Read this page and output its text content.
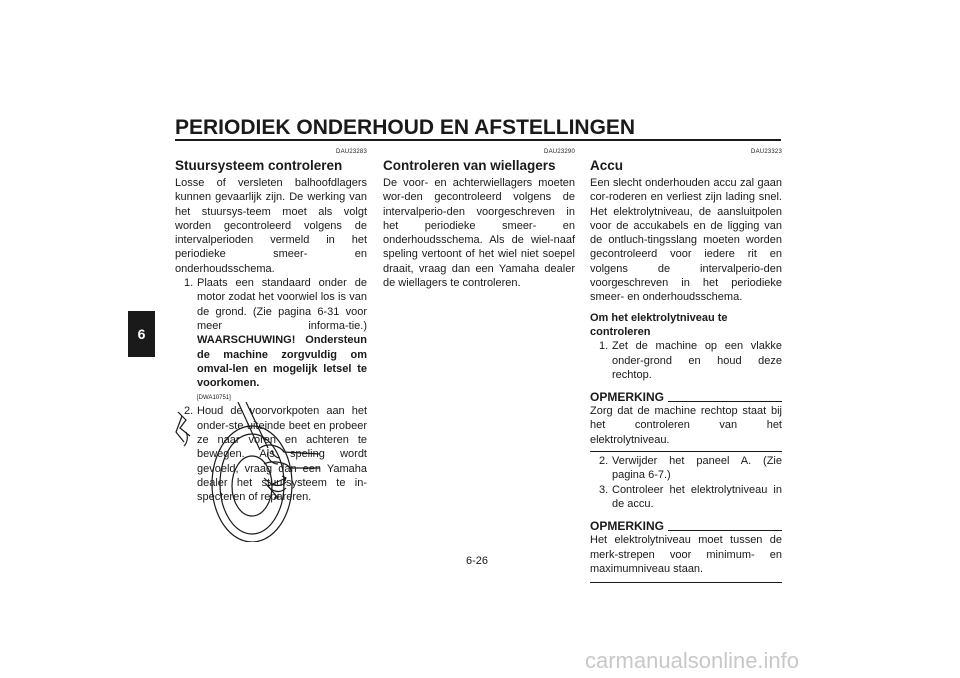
PERIODIEK ONDERHOUD EN AFSTELLINGEN
6
DAU23283
Stuursysteem controleren

Losse of versleten balhoofdlagers kunnen gevaarlijk zijn. De werking van het stuursys-teem moet als volgt worden gecontroleerd volgens de intervalperioden vermeld in het periodieke smeer- en onderhoudsschema.

1. Plaats een standaard onder de motor zodat het voorwiel los is van de grond. (Zie pagina 6-31 voor meer informa-tie.) WAARSCHUWING! Ondersteun de machine zorgvuldig om omval-len en mogelijk letsel te voorkomen.
[DWA10751]
2. Houd de voorvorkpoten aan het onder-ste uiteinde beet en probeer ze naar voren en achteren te bewegen. Als speling wordt gevoeld, vraag dan een Yamaha dealer het stuursysteem te in-specteren of repareren.
DAU23290
Controleren van wiellagers

De voor- en achterwiellagers moeten wor-den gecontroleerd volgens de intervalperio-den voorgeschreven in het periodieke smeer- en onderhoudsschema. Als de wiel-naaf speling vertoont of het wiel niet soepel draait, vraag dan een Yamaha dealer de wiellagers te controleren.

DAU23323
Accu

Een slecht onderhouden accu zal gaan cor-roderen en verliest zijn lading snel. Het elektrolytniveau, de aansluitpolen voor de accukabels en de ligging van de ontluch-tingsslang moeten worden gecontroleerd voor iedere rit en volgens de intervalperio-den voorgeschreven in het periodieke smeer- en onderhoudsschema.

Om het elektrolytniveau te controleren
1. Zet de machine op een vlakke onder-grond en houd deze rechtop.
OPMERKING

Zorg dat de machine rechtop staat bij het controleren van het elektrolytniveau.

2. Verwijder het paneel A. (Zie pagina 6-7.)
3. Controleer het elektrolytniveau in de accu.
OPMERKING

Het elektrolytniveau moet tussen de merk-strepen voor minimum- en maximumniveau staan.

6-26
carmanualsonline.info
